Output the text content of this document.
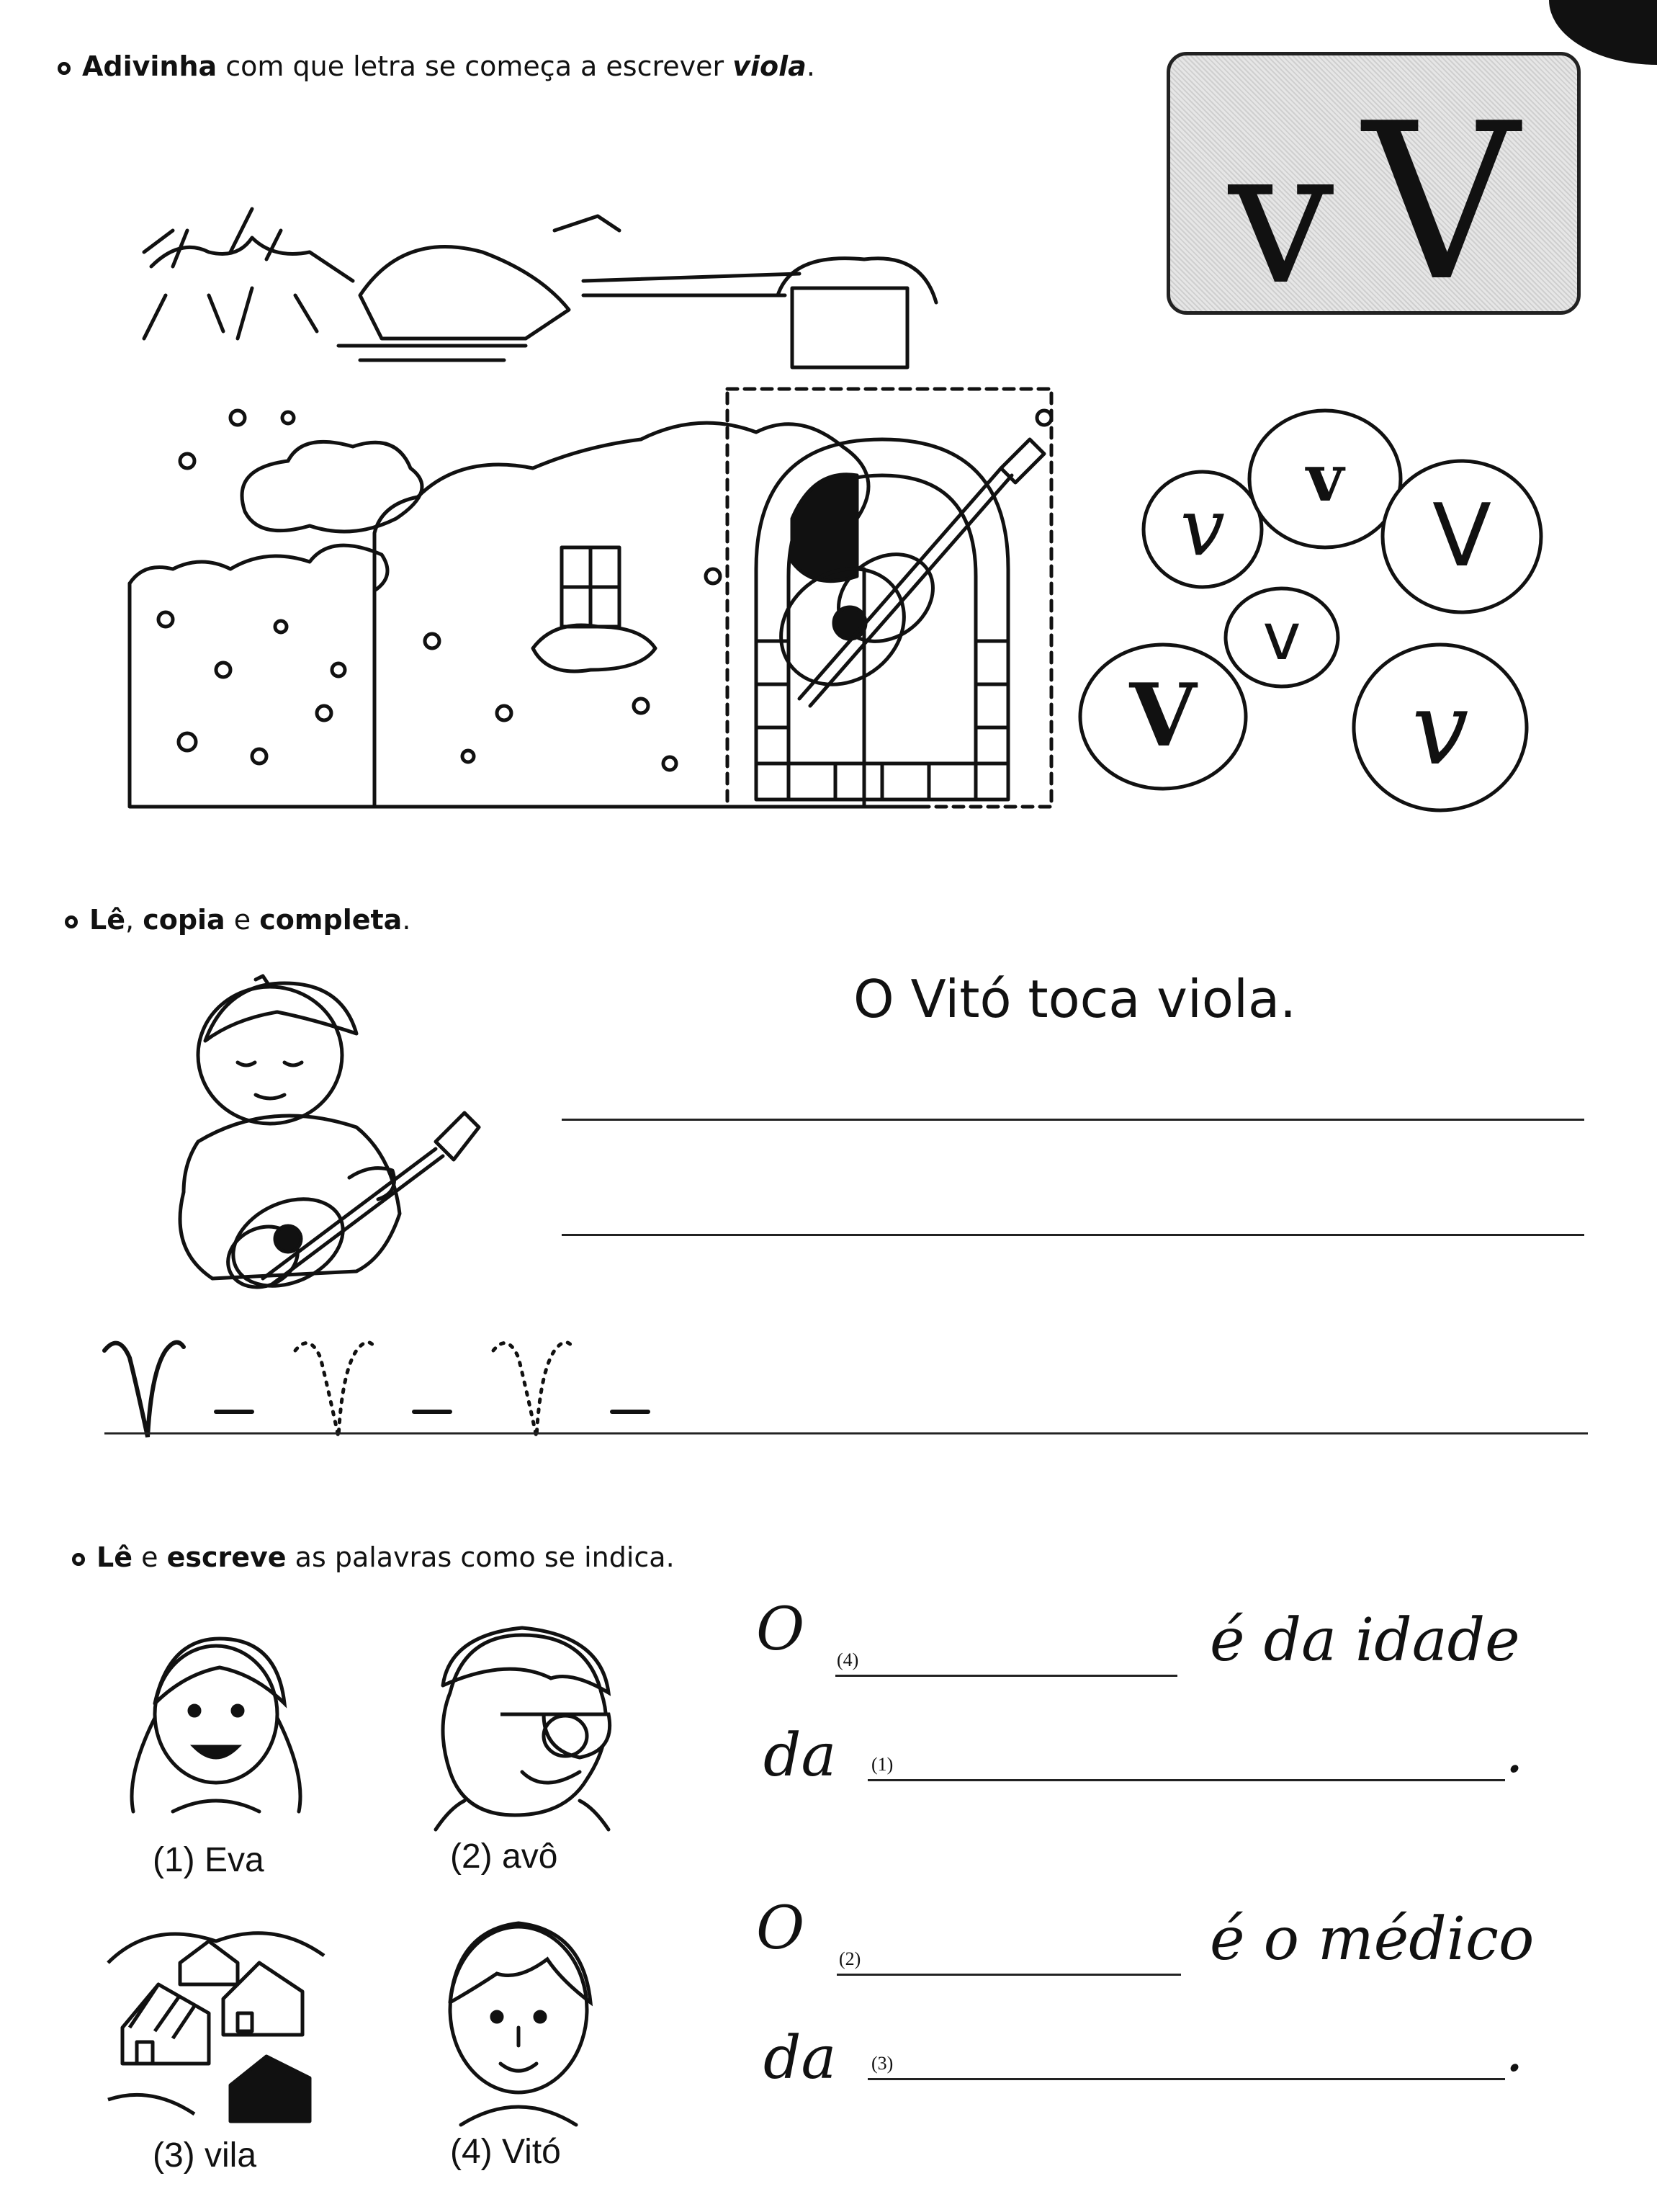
Adivinha com que letra se começa a escrever viola.
v V
v
v
V
v
V v
Lê, copia e completa.
O Vitó toca viola.
Lê e escreve as palavras como se indica.
(1) Eva	(2) avô
(3) vila	(4) Vitó
O (4)	é da idade
da (1)	.
O (2)	é o médico
da (3)	.
